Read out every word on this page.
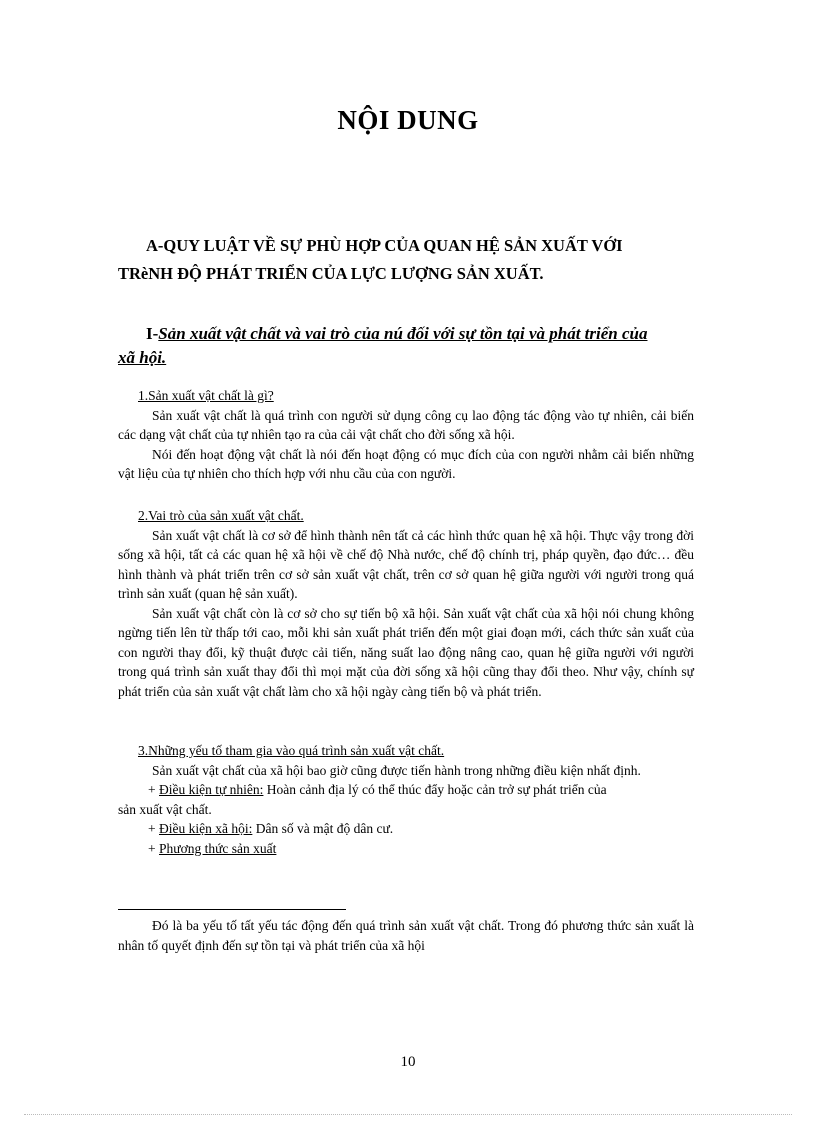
NỘI DUNG
A-QUY LUẬT VỀ SỰ PHÙ HỢP CỦA QUAN HỆ SẢN XUẤT VỚI
TRèNH ĐỘ PHÁT TRIỂN CỦA LỰC LƯỢNG SẢN XUẤT.
I-Sản xuất vật chất và vai trò của nú đối với sự tồn tại và phát triển của
xã hội.
1.Sản xuất vật chất là gì?

Sản xuất vật chất là quá trình con người sử dụng công cụ lao động tác động vào tự nhiên, cải biến các dạng vật chất của tự nhiên tạo ra của cải vật chất cho đời sống xã hội.

Nói đến hoạt động vật chất là nói đến hoạt động có mục đích của con người nhằm cải biến những vật liệu của tự nhiên cho thích hợp với nhu cầu của con người.

2.Vai trò của sản xuất vật chất.

Sản xuất vật chất là cơ sở để hình thành nên tất cả các hình thức quan hệ xã hội. Thực vậy trong đời sống xã hội, tất cả các quan hệ xã hội về chế độ Nhà nước, chế độ chính trị, pháp quyền, đạo đức… đều hình thành và phát triển trên cơ sở sản xuất vật chất, trên cơ sở quan hệ giữa người với người trong quá trình sản xuất (quan hệ sản xuất).

Sản xuất vật chất còn là cơ sở cho sự tiến bộ xã hội. Sản xuất vật chất của xã hội nói chung không ngừng tiến lên từ thấp tới cao, mỗi khi sản xuất phát triển đến một giai đoạn mới, cách thức sản xuất của con người thay đổi, kỹ thuật được cải tiến, năng suất lao động nâng cao, quan hệ giữa người với người trong quá trình sản xuất thay đổi thì mọi mặt của đời sống xã hội cũng thay đổi theo. Như vậy, chính sự phát triển của sản xuất vật chất làm cho xã hội ngày càng tiến bộ và phát triển.

3.Những yếu tố tham gia vào quá trình sản xuất vật chất.

Sản xuất vật chất của xã hội bao giờ cũng được tiến hành trong những điều kiện nhất định.

+ Điều kiện tự nhiên: Hoàn cảnh địa lý có thể thúc đẩy hoặc cản trở sự phát triển của

sản xuất vật chất.

+ Điều kiện xã hội: Dân số và mật độ dân cư.

+ Phương thức sản xuất

Đó là ba yếu tố tất yếu tác động đến quá trình sản xuất vật chất. Trong đó phương thức sản xuất là nhân tố quyết định đến sự tồn tại và phát triển của xã hội
10
